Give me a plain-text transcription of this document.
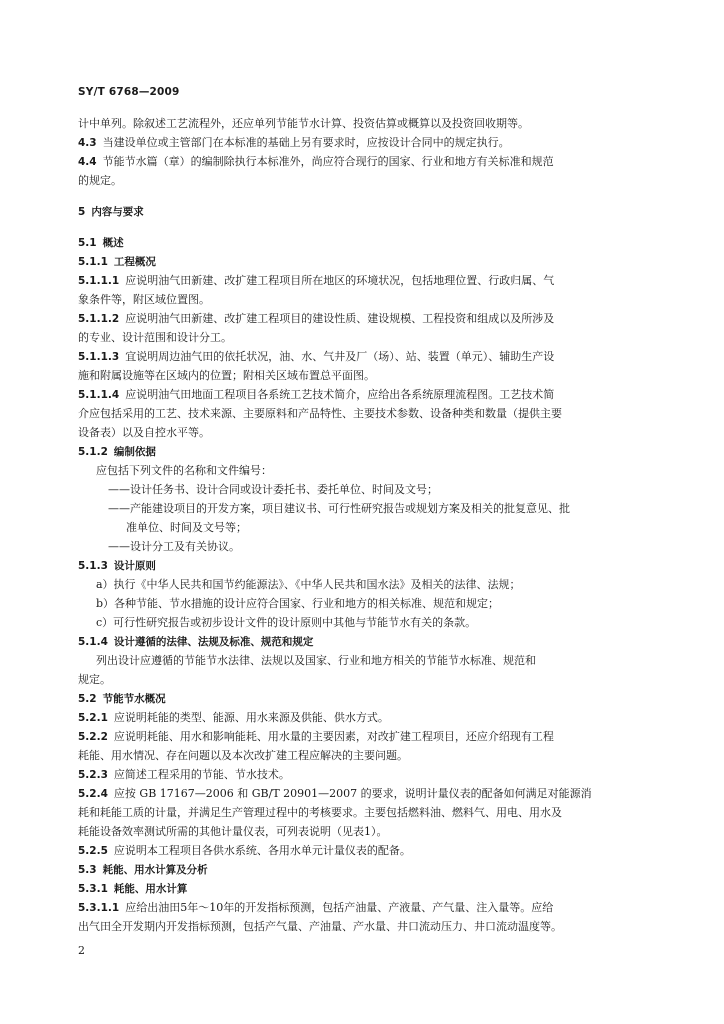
SY/T 6768—2009
计中单列。除叙述工艺流程外，还应单列节能节水计算、投资估算或概算以及投资回收期等。
4.3 当建设单位或主管部门在本标准的基础上另有要求时，应按设计合同中的规定执行。
4.4 节能节水篇（章）的编制除执行本标准外，尚应符合现行的国家、行业和地方有关标准和规范
的规定。
5 内容与要求
5.1 概述
5.1.1 工程概况
5.1.1.1 应说明油气田新建、改扩建工程项目所在地区的环境状况，包括地理位置、行政归属、气
象条件等，附区域位置图。
5.1.1.2 应说明油气田新建、改扩建工程项目的建设性质、建设规模、工程投资和组成以及所涉及
的专业、设计范围和设计分工。
5.1.1.3 宜说明周边油气田的依托状况，油、水、气井及厂（场）、站、装置（单元）、辅助生产设
施和附属设施等在区域内的位置；附相关区域布置总平面图。
5.1.1.4 应说明油气田地面工程项目各系统工艺技术简介，应给出各系统原理流程图。工艺技术简
介应包括采用的工艺、技术来源、主要原料和产品特性、主要技术参数、设备种类和数量（提供主要
设备表）以及自控水平等。
5.1.2 编制依据
应包括下列文件的名称和文件编号：
——设计任务书、设计合同或设计委托书、委托单位、时间及文号；
——产能建设项目的开发方案，项目建议书、可行性研究报告或规划方案及相关的批复意见、批
准单位、时间及文号等；
——设计分工及有关协议。
5.1.3 设计原则
a）执行《中华人民共和国节约能源法》、《中华人民共和国水法》及相关的法律、法规；
b）各种节能、节水措施的设计应符合国家、行业和地方的相关标准、规范和规定；
c）可行性研究报告或初步设计文件的设计原则中其他与节能节水有关的条款。
5.1.4 设计遵循的法律、法规及标准、规范和规定
列出设计应遵循的节能节水法律、法规以及国家、行业和地方相关的节能节水标准、规范和
规定。
5.2 节能节水概况
5.2.1 应说明耗能的类型、能源、用水来源及供能、供水方式。
5.2.2 应说明耗能、用水和影响能耗、用水量的主要因素，对改扩建工程项目，还应介绍现有工程
耗能、用水情况、存在问题以及本次改扩建工程应解决的主要问题。
5.2.3 应简述工程采用的节能、节水技术。
5.2.4 应按 GB 17167—2006 和 GB/T 20901—2007 的要求，说明计量仪表的配备如何满足对能源消
耗和耗能工质的计量，并满足生产管理过程中的考核要求。主要包括燃料油、燃料气、用电、用水及
耗能设备效率测试所需的其他计量仪表，可列表说明（见表1）。
5.2.5 应说明本工程项目各供水系统、各用水单元计量仪表的配备。
5.3 耗能、用水计算及分析
5.3.1 耗能、用水计算
5.3.1.1 应给出油田5年～10年的开发指标预测，包括产油量、产液量、产气量、注入量等。应给
出气田全开发期内开发指标预测，包括产气量、产油量、产水量、井口流动压力、井口流动温度等。
2
